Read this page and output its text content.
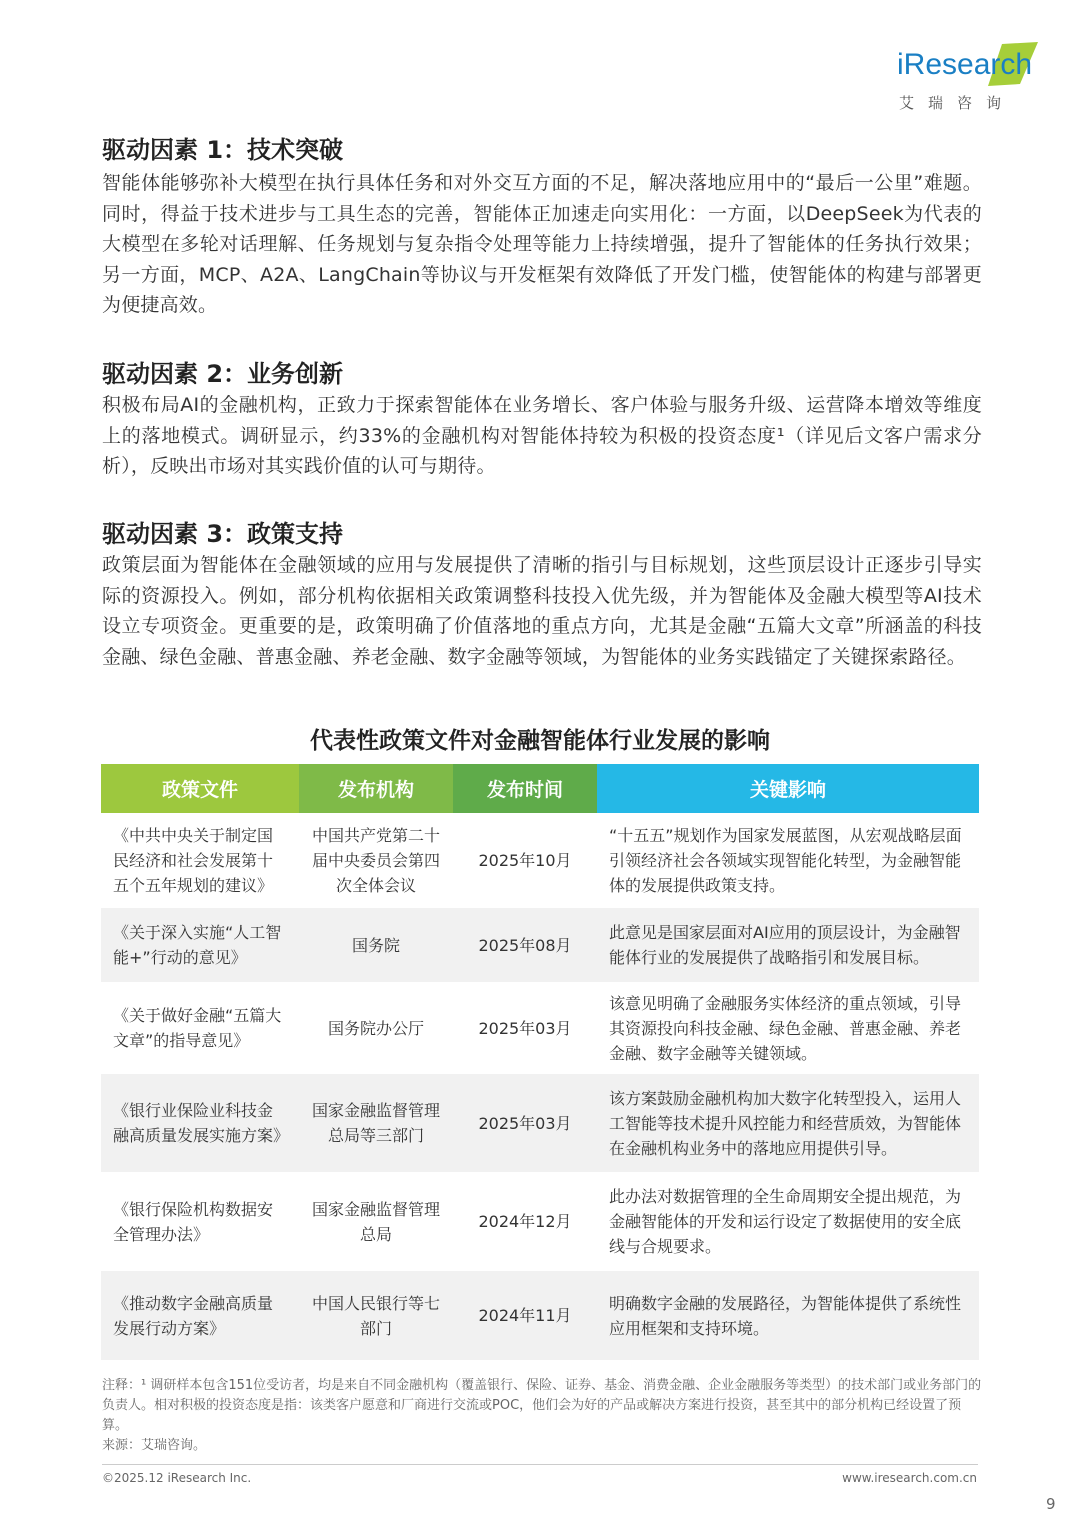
iResearch
艾瑞咨询
驱动因素 1：技术突破

智能体能够弥补大模型在执行具体任务和对外交互方面的不足，解决落地应用中的“最后一公里”难题。同时，得益于技术进步与工具生态的完善，智能体正加速走向实用化：一方面，以DeepSeek为代表的大模型在多轮对话理解、任务规划与复杂指令处理等能力上持续增强，提升了智能体的任务执行效果；另一方面，MCP、A2A、LangChain等协议与开发框架有效降低了开发门槛，使智能体的构建与部署更为便捷高效。

驱动因素 2：业务创新

积极布局AI的金融机构，正致力于探索智能体在业务增长、客户体验与服务升级、运营降本增效等维度上的落地模式。调研显示，约33%的金融机构对智能体持较为积极的投资态度¹（详见后文客户需求分析），反映出市场对其实践价值的认可与期待。

驱动因素 3：政策支持

政策层面为智能体在金融领域的应用与发展提供了清晰的指引与目标规划，这些顶层设计正逐步引导实际的资源投入。例如，部分机构依据相关政策调整科技投入优先级，并为智能体及金融大模型等AI技术设立专项资金。更重要的是，政策明确了价值落地的重点方向，尤其是金融“五篇大文章”所涵盖的科技金融、绿色金融、普惠金融、养老金融、数字金融等领域，为智能体的业务实践锚定了关键探索路径。

代表性政策文件对金融智能体行业发展的影响
政策文件	发布机构	发布时间	关键影响
《中共中央关于制定国民经济和社会发展第十五个五年规划的建议》	中国共产党第二十届中央委员会第四次全体会议	2025年10月	“十五五”规划作为国家发展蓝图，从宏观战略层面引领经济社会各领域实现智能化转型，为金融智能体的发展提供政策支持。
《关于深入实施“人工智能+”行动的意见》	国务院	2025年08月	此意见是国家层面对AI应用的顶层设计，为金融智能体行业的发展提供了战略指引和发展目标。
《关于做好金融“五篇大文章”的指导意见》	国务院办公厅	2025年03月	该意见明确了金融服务实体经济的重点领域，引导其资源投向科技金融、绿色金融、普惠金融、养老金融、数字金融等关键领域。
《银行业保险业科技金融高质量发展实施方案》	国家金融监督管理总局等三部门	2025年03月	该方案鼓励金融机构加大数字化转型投入，运用人工智能等技术提升风控能力和经营质效，为智能体在金融机构业务中的落地应用提供引导。
《银行保险机构数据安全管理办法》	国家金融监督管理总局	2024年12月	此办法对数据管理的全生命周期安全提出规范，为金融智能体的开发和运行设定了数据使用的安全底线与合规要求。
《推动数字金融高质量发展行动方案》	中国人民银行等七部门	2024年11月	明确数字金融的发展路径，为智能体提供了系统性应用框架和支持环境。
注释：¹ 调研样本包含151位受访者，均是来自不同金融机构（覆盖银行、保险、证券、基金、消费金融、企业金融服务等类型）的技术部门或业务部门的负责人。相对积极的投资态度是指：该类客户愿意和厂商进行交流或POC，他们会为好的产品或解决方案进行投资，甚至其中的部分机构已经设置了预算。
来源：艾瑞咨询。
©2025.12 iResearch Inc.	www.iresearch.com.cn
9
